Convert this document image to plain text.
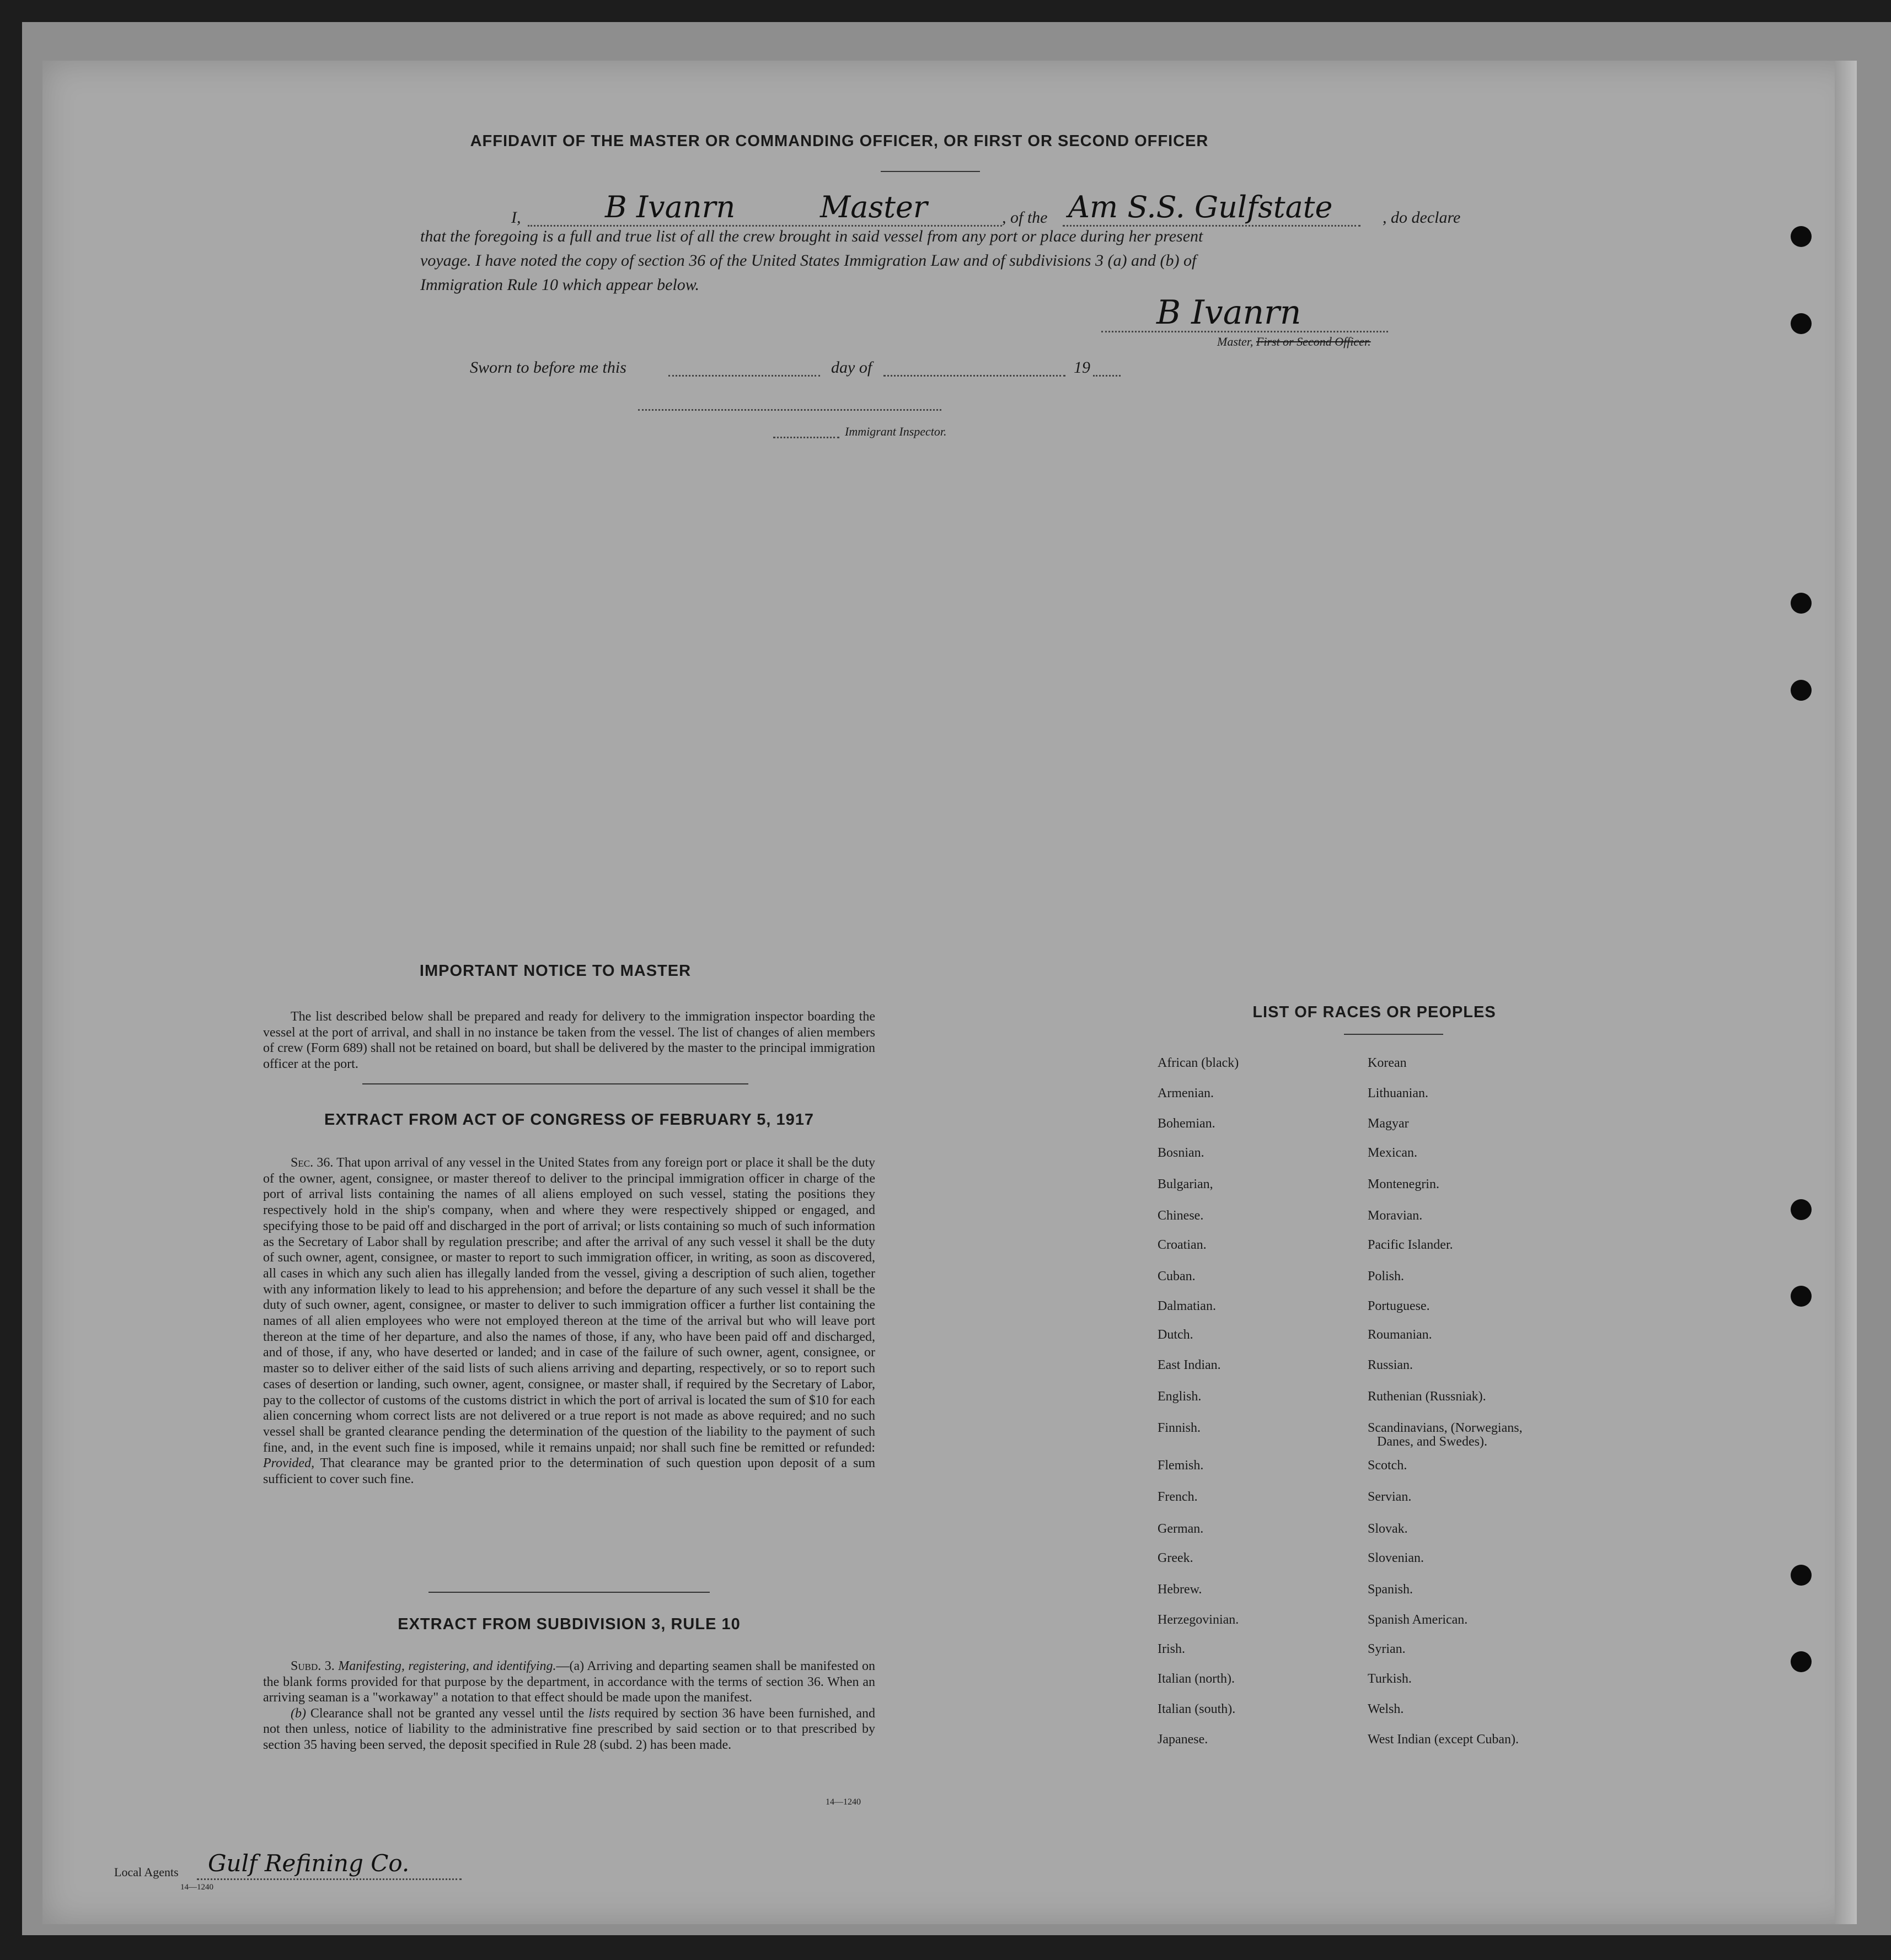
AFFIDAVIT OF THE MASTER OR COMMANDING OFFICER, OR FIRST OR SECOND OFFICER
I,	B Ivanrn	Master	, of the Am S.S. Gulfstate	, do declare
that the foregoing is a full and true list of all the crew brought in said vessel from any port or place during her present
voyage. I have noted the copy of section 36 of the United States Immigration Law and of subdivisions 3 (a) and (b) of
Immigration Rule 10 which appear below.
B Ivanrn
Master, First or Second Officer.
Sworn to before me this	day of	19
Immigrant Inspector.
IMPORTANT NOTICE TO MASTER

The list described below shall be prepared and ready for delivery to the immigration inspector boarding the vessel at the port of arrival, and shall in no instance be taken from the vessel. The list of changes of alien members of crew (Form 689) shall not be retained on board, but shall be delivered by the master to the principal immigration officer at the port.

EXTRACT FROM ACT OF CONGRESS OF FEBRUARY 5, 1917

Sec. 36. That upon arrival of any vessel in the United States from any foreign port or place it shall be the duty of the owner, agent, consignee, or master thereof to deliver to the principal immigration officer in charge of the port of arrival lists containing the names of all aliens employed on such vessel, stating the positions they respectively hold in the ship's company, when and where they were respectively shipped or engaged, and specifying those to be paid off and discharged in the port of arrival; or lists containing so much of such information as the Secretary of Labor shall by regulation prescribe; and after the arrival of any such vessel it shall be the duty of such owner, agent, consignee, or master to report to such immigration officer, in writing, as soon as discovered, all cases in which any such alien has illegally landed from the vessel, giving a description of such alien, together with any information likely to lead to his apprehension; and before the departure of any such vessel it shall be the duty of such owner, agent, consignee, or master to deliver to such immigration officer a further list containing the names of all alien employees who were not employed thereon at the time of the arrival but who will leave port thereon at the time of her departure, and also the names of those, if any, who have been paid off and discharged, and of those, if any, who have deserted or landed; and in case of the failure of such owner, agent, consignee, or master so to deliver either of the said lists of such aliens arriving and departing, respectively, or so to report such cases of desertion or landing, such owner, agent, consignee, or master shall, if required by the Secretary of Labor, pay to the collector of customs of the customs district in which the port of arrival is located the sum of $10 for each alien concerning whom correct lists are not delivered or a true report is not made as above required; and no such vessel shall be granted clearance pending the determination of the question of the liability to the payment of such fine, and, in the event such fine is imposed, while it remains unpaid; nor shall such fine be remitted or refunded: Provided, That clearance may be granted prior to the determination of such question upon deposit of a sum sufficient to cover such fine.

EXTRACT FROM SUBDIVISION 3, RULE 10

Subd. 3. Manifesting, registering, and identifying.—(a) Arriving and departing seamen shall be manifested on the blank forms provided for that purpose by the department, in accordance with the terms of section 36. When an arriving seaman is a "workaway" a notation to that effect should be made upon the manifest.

(b) Clearance shall not be granted any vessel until the lists required by section 36 have been furnished, and not then unless, notice of liability to the administrative fine prescribed by said section or to that prescribed by section 35 having been served, the deposit specified in Rule 28 (subd. 2) has been made.

14—1240
LIST OF RACES OR PEOPLES
African (black)
Armenian.
Bohemian.
Bosnian.
Bulgarian,
Chinese.
Croatian.
Cuban.
Dalmatian.
Dutch.
East Indian.
English.
Finnish.
Flemish.
French.
German.
Greek.
Hebrew.
Herzegovinian.
Irish.
Italian (north).
Italian (south).
Japanese.
Korean
Lithuanian.
Magyar
Mexican.
Montenegrin.
Moravian.
Pacific Islander.
Polish.
Portuguese.
Roumanian.
Russian.
Ruthenian (Russniak).
Scandinavians, (Norwegians,
Scotch.
Servian.
Slovak.
Slovenian.
Spanish.
Spanish American.
Syrian.
Turkish.
Welsh.
West Indian (except Cuban).
Danes, and Swedes).
Local Agents Gulf Refining Co.
14—1240
